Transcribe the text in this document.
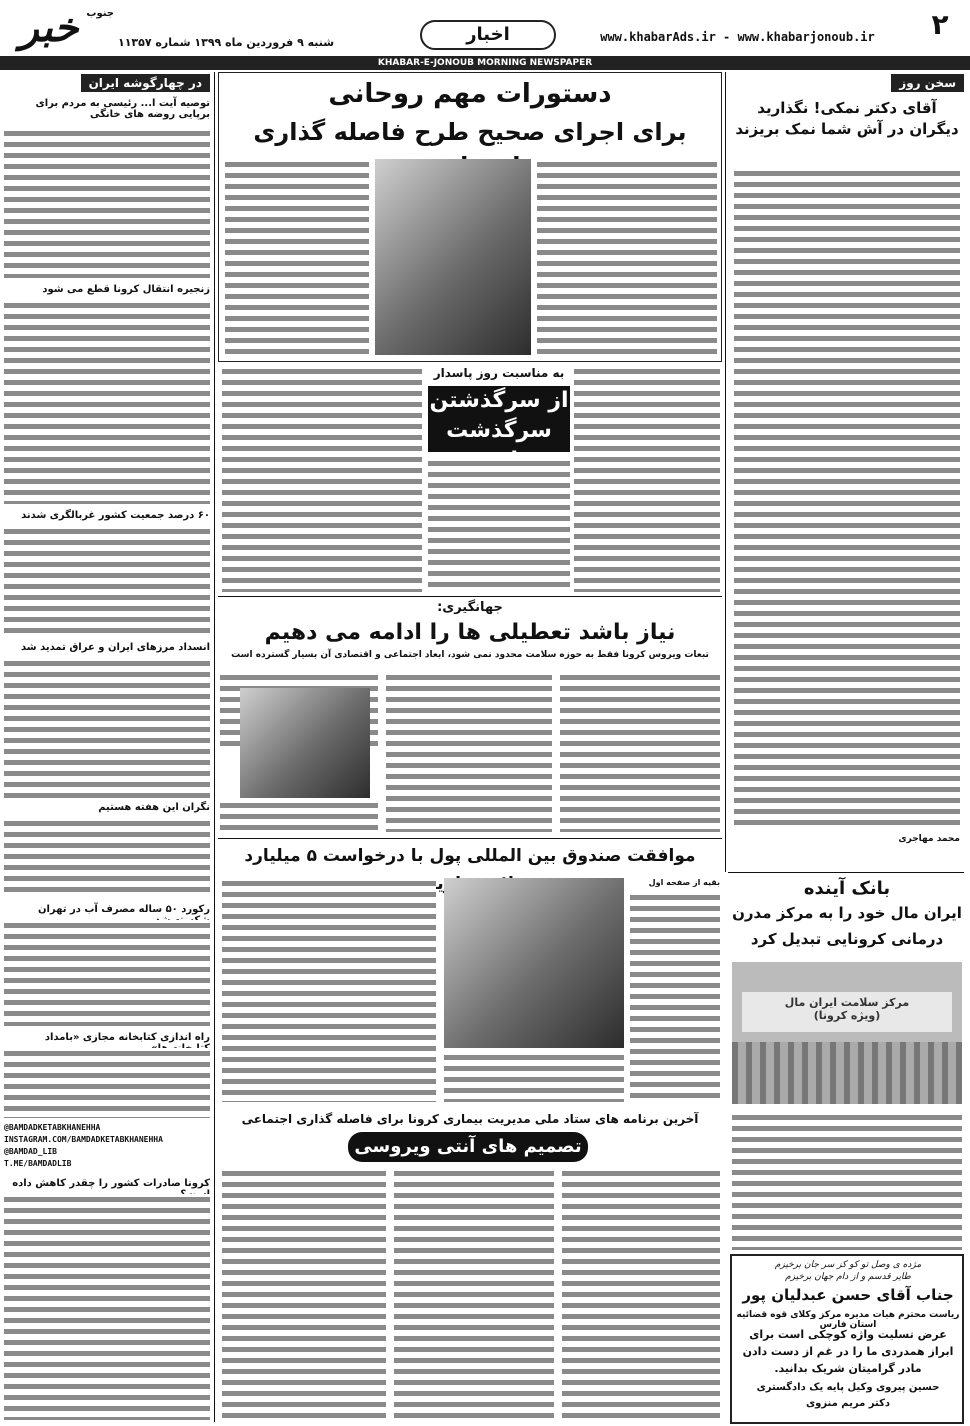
۲
www.khabarAds.ir - www.khabarjonoub.ir
اخبار
خبر جنوب
شنبه ۹ فروردین ماه ۱۳۹۹ شماره ۱۱۳۵۷
KHABAR-E-JONOUB MORNING NEWSPAPER
سخن روز
آقای دکتر نمکی! نگذارید دیگران در آش شما نمک بریزند
محمد مهاجری
دستورات مهم روحانی
برای اجرای صحیح طرح فاصله گذاری
به مناسبت روز پاسدار
از سرگذشتن
سرگذشت
جهانگیری:
نیاز باشد تعطیلی ها را ادامه می دهیم
تبعات ویروس کرونا فقط به حوزه سلامت محدود نمی شود، ابعاد اجتماعی و اقتصادی آن بسیار گسترده است
موافقت صندوق بین المللی پول با درخواست ۵ میلیارد
بقیه از صفحه اول
آخرین برنامه های ستاد ملی مدیریت بیماری کرونا برای فاصله گذاری اجتماعی
تصمیم های آنتی ویروسی
بانک آینده
ایران مال خود را به مرکز مدرن
درمانی کرونایی تبدیل کرد
مرکز سلامت ایران مال
(ویژه کرونا)
مژده ی وصل تو کو کز سر جان برخیزم
طایر قدسم و از دام جهان برخیزم
جناب آقای حسن عبدلیان پور
ریاست محترم هیات مدیره مرکز وکلای قوه قضائیه استان فارس
عرض تسلیت واژه کوچکی است برای ابراز همدردی ما را در غم از دست دادن مادر گرامیتان شریک بدانید.
حسین پیروی وکیل پایه یک دادگستری
دکتر مریم منزوی
در چهارگوشه ایران
توصیه آیت ا... رئیسی به مردم برای برپایی روضه های خانگی
زنجیره انتقال کرونا قطع می شود
۶۰ درصد جمعیت کشور غربالگری شدند
انسداد مرزهای ایران و عراق تمدید شد
نگران این هفته هستیم
رکورد ۵۰ ساله مصرف آب در تهران
راه اندازی کتابخانه مجازی «بامداد
@BAMDADKETABKHANEHHA
INSTAGRAM.COM/BAMDADKETABKHANEHHA
@BAMDAD_LIB
T.ME/BAMDADLIB
کرونا صادرات کشور را چقدر کاهش داده
